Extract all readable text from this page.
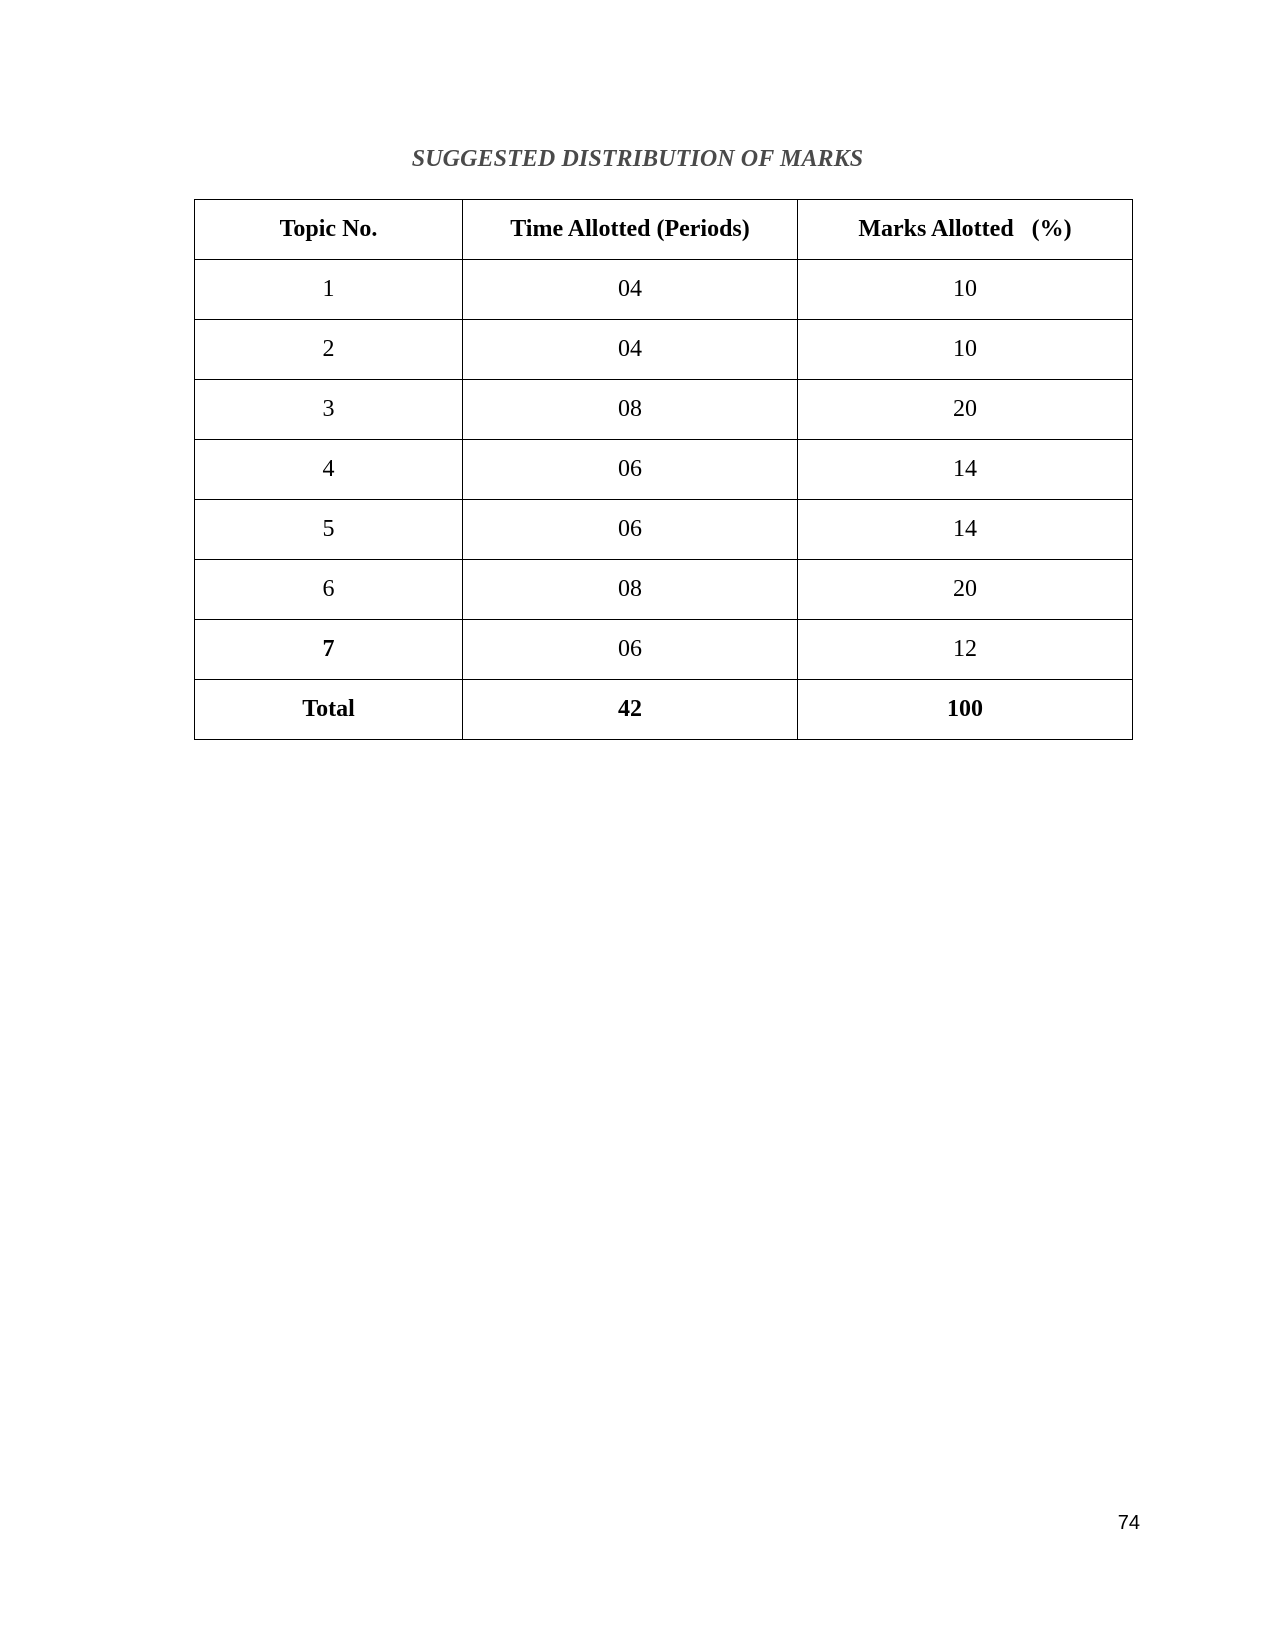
SUGGESTED DISTRIBUTION OF MARKS
Topic No.	Time Allotted (Periods)	Marks Allotted   (%)
1	04	10
2	04	10
3	08	20
4	06	14
5	06	14
6	08	20
7	06	12
Total	42	100
74
